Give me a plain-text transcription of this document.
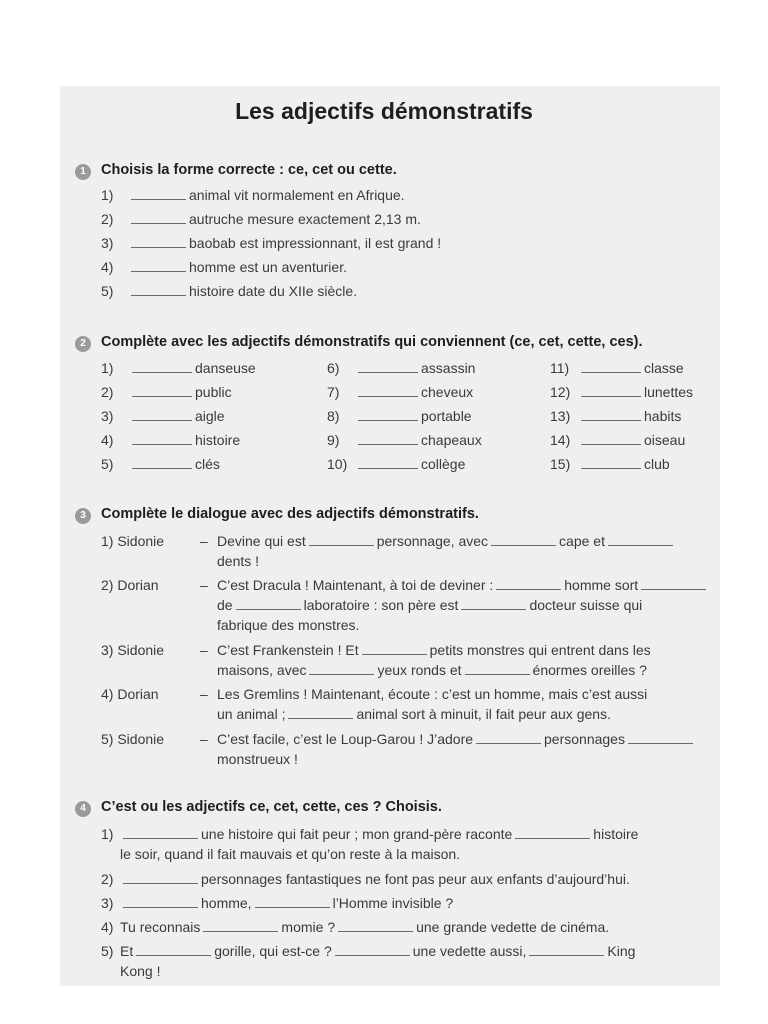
Les adjectifs démonstratifs
1	Choisis la forme correcte : ce, cet ou cette.
1)	animal vit normalement en Afrique.
2)	autruche mesure exactement 2,13 m.
3)	baobab est impressionnant, il est grand !
4)	homme est un aventurier.
5)	histoire date du XIIe siècle.
2	Complète avec les adjectifs démonstratifs qui conviennent (ce, cet, cette, ces).
1)	danseuse
2)	public
3)	aigle
4)	histoire
5)	clés
6)	assassin
7)	cheveux
8)	portable
9)	chapeaux
10)	collège
11)	classe
12)	lunettes
13)	habits
14)	oiseau
15)	club
3	Complète le dialogue avec des adjectifs démonstratifs.
1) Sidonie	– Devine qui est	personnage, avec	cape et
dents !
2) Dorian	– C’est Dracula ! Maintenant, à toi de deviner :	homme sort
de	laboratoire : son père est	docteur suisse qui
fabrique des monstres.
3) Sidonie	– C’est Frankenstein ! Et	petits monstres qui entrent dans les
maisons, avec	yeux ronds et	énormes oreilles ?
4) Dorian	– Les Gremlins ! Maintenant, écoute : c’est un homme, mais c’est aussi
un animal ;	animal sort à minuit, il fait peur aux gens.
5) Sidonie	– C’est facile, c’est le Loup-Garou ! J’adore	personnages
monstrueux !
4	C’est ou les adjectifs ce, cet, cette, ces ? Choisis.
1)	une histoire qui fait peur ; mon grand-père raconte	histoire
le soir, quand il fait mauvais et qu’on reste à la maison.
2)	personnages fantastiques ne font pas peur aux enfants d’aujourd’hui.
3)	homme,	l’Homme invisible ?
4) Tu reconnais	momie ?	une grande vedette de cinéma.
5) Et	gorille, qui est-ce ?	une vedette aussi,	King
Kong !
